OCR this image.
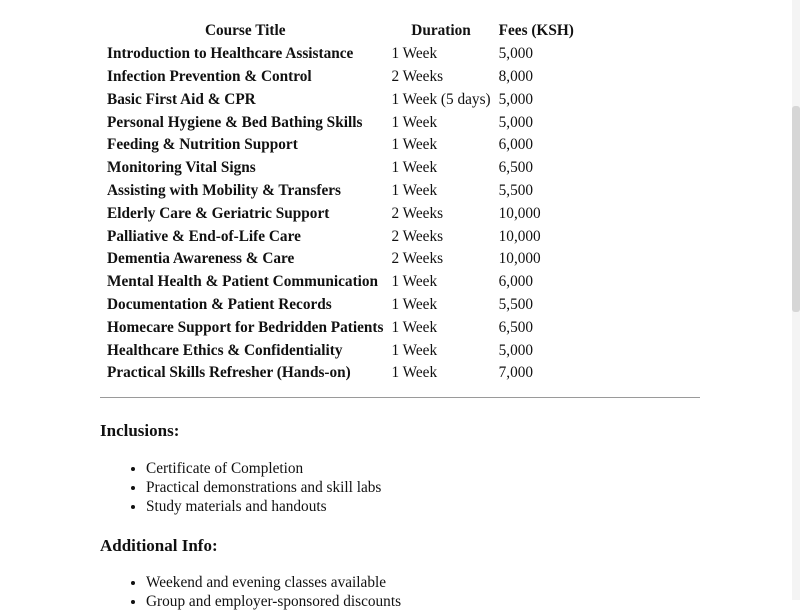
Course Title	Duration	Fees (KSH)
Introduction to Healthcare Assistance	1 Week	5,000
Infection Prevention & Control	2 Weeks	8,000
Basic First Aid & CPR	1 Week (5 days)	5,000
Personal Hygiene & Bed Bathing Skills	1 Week	5,000
Feeding & Nutrition Support	1 Week	6,000
Monitoring Vital Signs	1 Week	6,500
Assisting with Mobility & Transfers	1 Week	5,500
Elderly Care & Geriatric Support	2 Weeks	10,000
Palliative & End-of-Life Care	2 Weeks	10,000
Dementia Awareness & Care	2 Weeks	10,000
Mental Health & Patient Communication	1 Week	6,000
Documentation & Patient Records	1 Week	5,500
Homecare Support for Bedridden Patients	1 Week	6,500
Healthcare Ethics & Confidentiality	1 Week	5,000
Practical Skills Refresher (Hands-on)	1 Week	7,000
Inclusions:
• Certificate of Completion
• Practical demonstrations and skill labs
• Study materials and handouts
Additional Info:
• Weekend and evening classes available
• Group and employer-sponsored discounts
